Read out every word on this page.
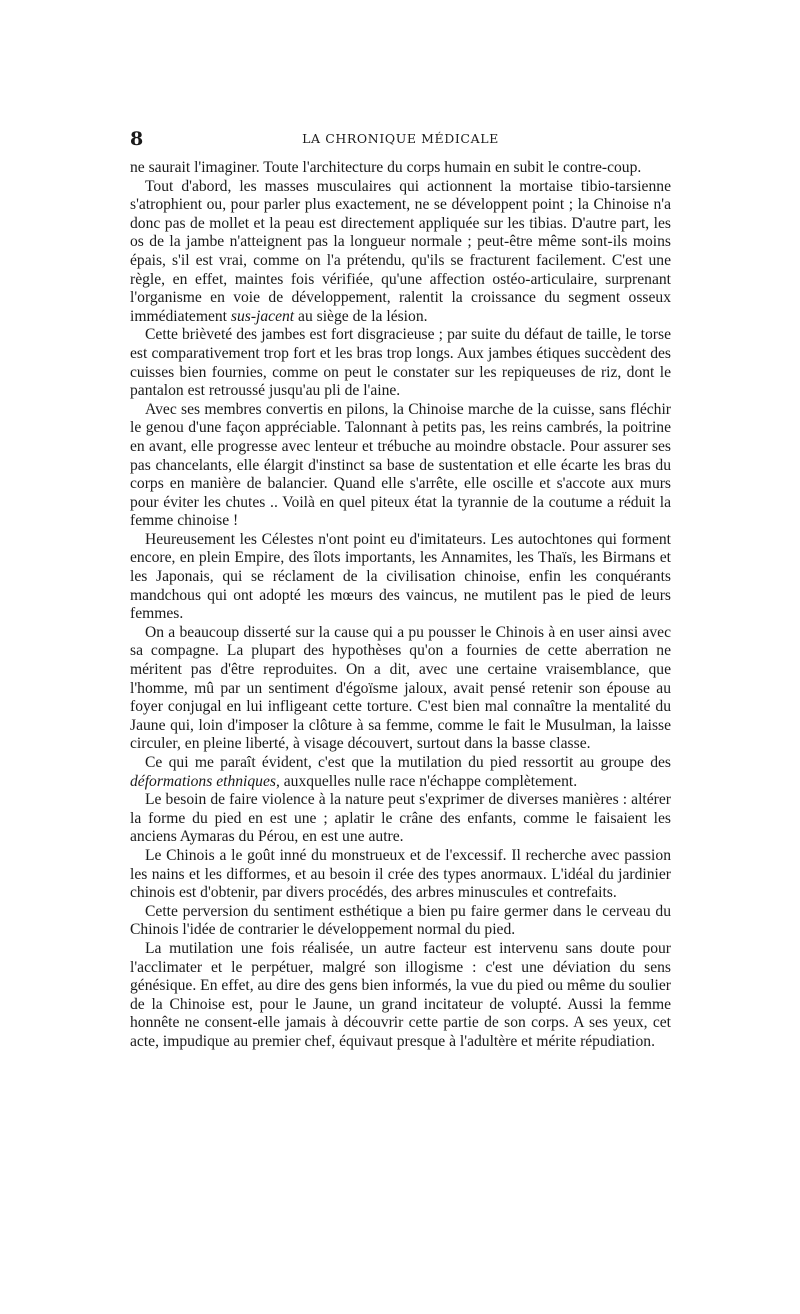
8	LA CHRONIQUE MÉDICALE

ne saurait l'imaginer. Toute l'architecture du corps humain en subit le contre-coup.

Tout d'abord, les masses musculaires qui actionnent la mortaise tibio-tarsienne s'atrophient ou, pour parler plus exactement, ne se développent point ; la Chinoise n'a donc pas de mollet et la peau est directement appliquée sur les tibias. D'autre part, les os de la jambe n'atteignent pas la longueur normale ; peut-être même sont-ils moins épais, s'il est vrai, comme on l'a prétendu, qu'ils se fracturent facilement. C'est une règle, en effet, maintes fois vérifiée, qu'une affection ostéo-articulaire, surprenant l'organisme en voie de développement, ralentit la croissance du segment osseux immédiatement sus-jacent au siège de la lésion.

Cette brièveté des jambes est fort disgracieuse ; par suite du défaut de taille, le torse est comparativement trop fort et les bras trop longs. Aux jambes étiques succèdent des cuisses bien fournies, comme on peut le constater sur les repiqueuses de riz, dont le pantalon est retroussé jusqu'au pli de l'aine.

Avec ses membres convertis en pilons, la Chinoise marche de la cuisse, sans fléchir le genou d'une façon appréciable. Talonnant à petits pas, les reins cambrés, la poitrine en avant, elle progresse avec lenteur et trébuche au moindre obstacle. Pour assurer ses pas chancelants, elle élargit d'instinct sa base de sustentation et elle écarte les bras du corps en manière de balancier. Quand elle s'arrête, elle oscille et s'accote aux murs pour éviter les chutes .. Voilà en quel piteux état la tyrannie de la coutume a réduit la femme chinoise !

Heureusement les Célestes n'ont point eu d'imitateurs. Les autochtones qui forment encore, en plein Empire, des îlots importants, les Annamites, les Thaïs, les Birmans et les Japonais, qui se réclament de la civilisation chinoise, enfin les conquérants mandchous qui ont adopté les mœurs des vaincus, ne mutilent pas le pied de leurs femmes.

On a beaucoup disserté sur la cause qui a pu pousser le Chinois à en user ainsi avec sa compagne. La plupart des hypothèses qu'on a fournies de cette aberration ne méritent pas d'être reproduites. On a dit, avec une certaine vraisemblance, que l'homme, mû par un sentiment d'égoïsme jaloux, avait pensé retenir son épouse au foyer conjugal en lui infligeant cette torture. C'est bien mal connaître la mentalité du Jaune qui, loin d'imposer la clôture à sa femme, comme le fait le Musulman, la laisse circuler, en pleine liberté, à visage découvert, surtout dans la basse classe.

Ce qui me paraît évident, c'est que la mutilation du pied ressortit au groupe des déformations ethniques, auxquelles nulle race n'échappe complètement.

Le besoin de faire violence à la nature peut s'exprimer de diverses manières : altérer la forme du pied en est une ; aplatir le crâne des enfants, comme le faisaient les anciens Aymaras du Pérou, en est une autre.

Le Chinois a le goût inné du monstrueux et de l'excessif. Il recherche avec passion les nains et les difformes, et au besoin il crée des types anormaux. L'idéal du jardinier chinois est d'obtenir, par divers procédés, des arbres minuscules et contrefaits.

Cette perversion du sentiment esthétique a bien pu faire germer dans le cerveau du Chinois l'idée de contrarier le développement normal du pied.

La mutilation une fois réalisée, un autre facteur est intervenu sans doute pour l'acclimater et le perpétuer, malgré son illogisme : c'est une déviation du sens génésique. En effet, au dire des gens bien informés, la vue du pied ou même du soulier de la Chinoise est, pour le Jaune, un grand incitateur de volupté. Aussi la femme honnête ne consent-elle jamais à découvrir cette partie de son corps. A ses yeux, cet acte, impudique au premier chef, équivaut presque à l'adultère et mérite répudiation.
